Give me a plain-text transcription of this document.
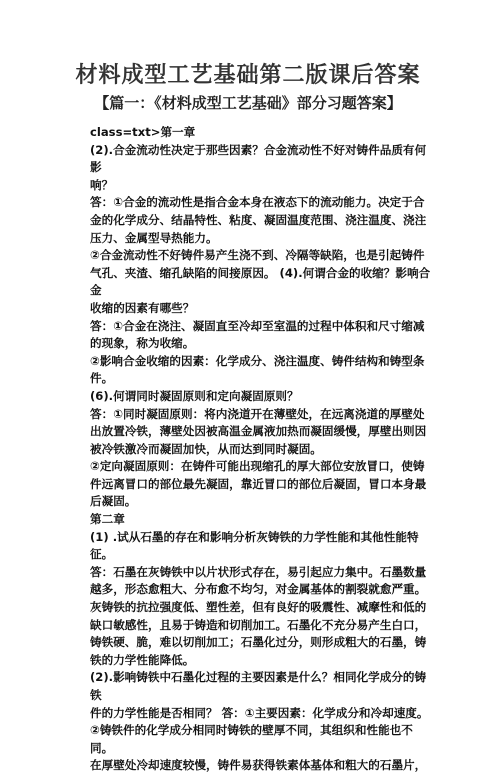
材料成型工艺基础第二版课后答案
【篇一：《材料成型工艺基础》部分习题答案】

class=txt>第一章

(2).合金流动性决定于那些因素？合金流动性不好对铸件品质有何影

响？

答：①合金的流动性是指合金本身在液态下的流动能力。决定于合

金的化学成分、结晶特性、粘度、凝固温度范围、浇注温度、浇注

压力、金属型导热能力。

②合金流动性不好铸件易产生浇不到、冷隔等缺陷，也是引起铸件

气孔、夹渣、缩孔缺陷的间接原因。 (4).何谓合金的收缩？影响合金

收缩的因素有哪些？

答：①合金在浇注、凝固直至冷却至室温的过程中体积和尺寸缩减

的现象，称为收缩。

②影响合金收缩的因素：化学成分、浇注温度、铸件结构和铸型条

件。

(6).何谓同时凝固原则和定向凝固原则？

答：①同时凝固原则：将内浇道开在薄壁处，在远离浇道的厚壁处

出放置冷铁，薄壁处因被高温金属液加热而凝固缓慢，厚壁出则因

被冷铁激冷而凝固加快，从而达到同时凝固。

②定向凝固原则：在铸件可能出现缩孔的厚大部位安放冒口，使铸

件远离冒口的部位最先凝固，靠近冒口的部位后凝固，冒口本身最

后凝固。

第二章

(1) .试从石墨的存在和影响分析灰铸铁的力学性能和其他性能特征。

答：石墨在灰铸铁中以片状形式存在，易引起应力集中。石墨数量

越多，形态愈粗大、分布愈不均匀，对金属基体的割裂就愈严重。

灰铸铁的抗拉强度低、塑性差，但有良好的吸震性、减摩性和低的

缺口敏感性，且易于铸造和切削加工。石墨化不充分易产生白口，

铸铁硬、脆，难以切削加工；石墨化过分，则形成粗大的石墨，铸

铁的力学性能降低。

(2).影响铸铁中石墨化过程的主要因素是什么？相同化学成分的铸铁

件的力学性能是否相同？ 答：①主要因素：化学成分和冷却速度。

②铸铁件的化学成分相同时铸铁的壁厚不同，其组织和性能也不同。

在厚壁处冷却速度较慢，铸件易获得铁素体基体和粗大的石墨片，
